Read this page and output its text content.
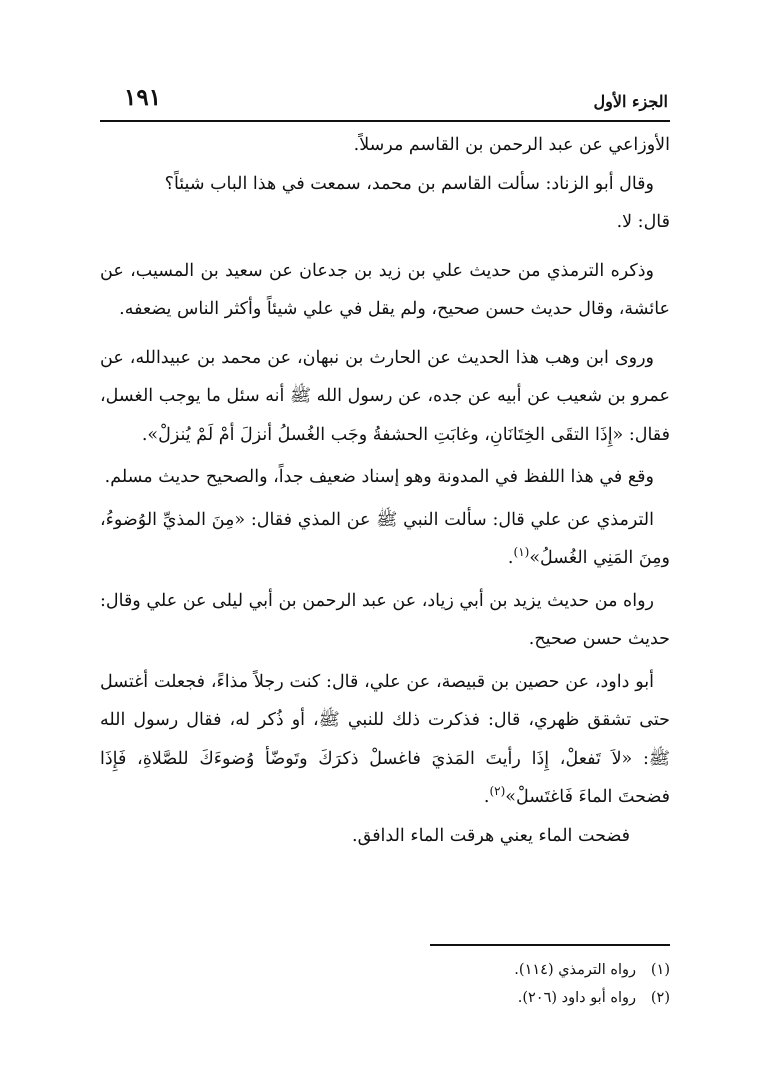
الجزء الأول
١٩١

الأوزاعي عن عبد الرحمن بن القاسم مرسلاً.

وقال أبو الزناد: سألت القاسم بن محمد، سمعت في هذا الباب شيئاً؟

قال: لا.

وذكره الترمذي من حديث علي بن زيد بن جدعان عن سعيد بن المسيب، عن عائشة، وقال حديث حسن صحيح، ولم يقل في علي شيئاً وأكثر الناس يضعفه.

وروى ابن وهب هذا الحديث عن الحارث بن نبهان، عن محمد بن عبيدالله، عن عمرو بن شعيب عن أبيه عن جده، عن رسول الله ﷺ أنه سئل ما يوجب الغسل، فقال: «إِذَا التقَى الخِتَانَانِ، وغابَتِ الحشفةُ وجَب الغُسلُ أنزلَ أمْ لَمْ يُنزلْ».

وقع في هذا اللفظ في المدونة وهو إسناد ضعيف جداً، والصحيح حديث مسلم.

الترمذي عن علي قال: سألت النبي ﷺ عن المذي فقال: «مِنَ المذيِّ الوُضوءُ، ومِنَ المَنِي الغُسلُ»$^{(١)}$.

رواه من حديث يزيد بن أبي زياد، عن عبد الرحمن بن أبي ليلى عن علي وقال: حديث حسن صحيح.

أبو داود، عن حصين بن قبيصة، عن علي، قال: كنت رجلاً مذاءً، فجعلت أغتسل حتى تشقق ظهري، قال: فذكرت ذلك للنبي ﷺ، أو ذُكر له، فقال رسول الله ﷺ: «لاَ تَفعلْ، إِذَا رأيتَ المَذيَ فاغسلْ ذكرَكَ وتَوضّأ وُضوءَكَ للصَّلاةِ، فَإِذَا فضحتَ الماءَ فَاغتَسلْ»$^{(٢)}$.

فضحت الماء يعني هرقت الماء الدافق.

(١)رواه الترمذي (١١٤).
(٢)رواه أبو داود (٢٠٦).
